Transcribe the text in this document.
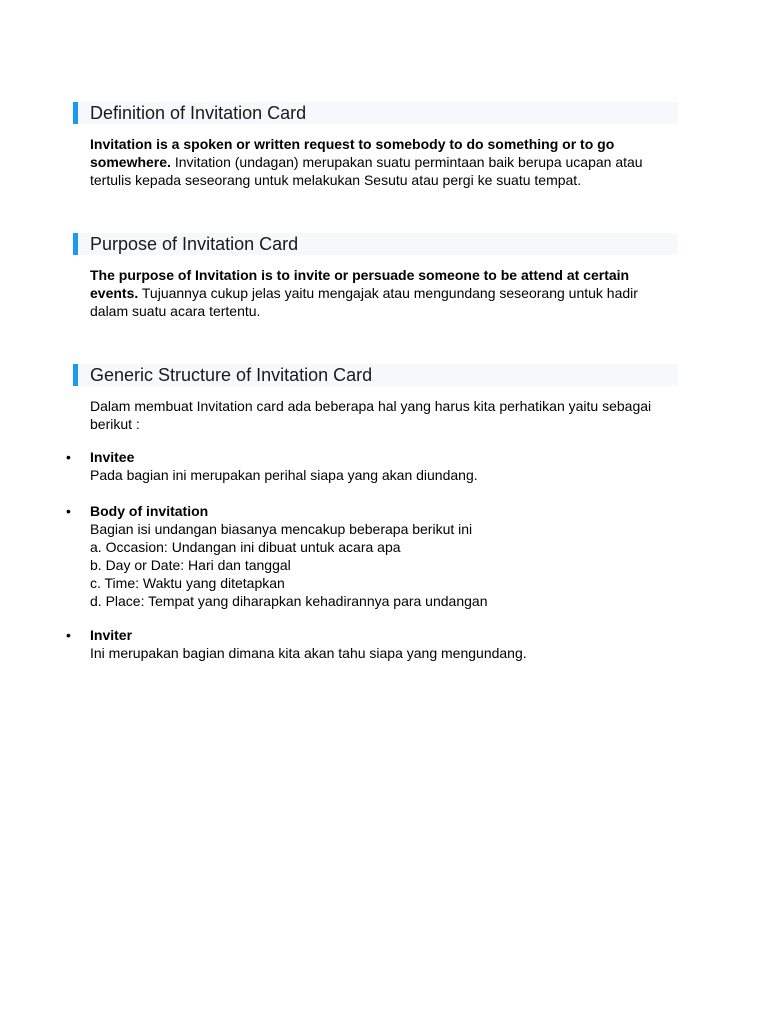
Definition of Invitation Card
Invitation is a spoken or written request to somebody to do something or to go somewhere. Invitation (undagan) merupakan suatu permintaan baik berupa ucapan atau tertulis kepada seseorang untuk melakukan Sesutu atau pergi ke suatu tempat.
Purpose of Invitation Card
The purpose of Invitation is to invite or persuade someone to be attend at certain events. Tujuannya cukup jelas yaitu mengajak atau mengundang seseorang untuk hadir dalam suatu acara tertentu.
Generic Structure of Invitation Card
Dalam membuat Invitation card ada beberapa hal yang harus kita perhatikan yaitu sebagai berikut :
• Invitee
Pada bagian ini merupakan perihal siapa yang akan diundang.
• Body of invitation
Bagian isi undangan biasanya mencakup beberapa berikut ini
a. Occasion: Undangan ini dibuat untuk acara apa
b. Day or Date: Hari dan tanggal
c. Time: Waktu yang ditetapkan
d. Place: Tempat yang diharapkan kehadirannya para undangan
• Inviter
Ini merupakan bagian dimana kita akan tahu siapa yang mengundang.
